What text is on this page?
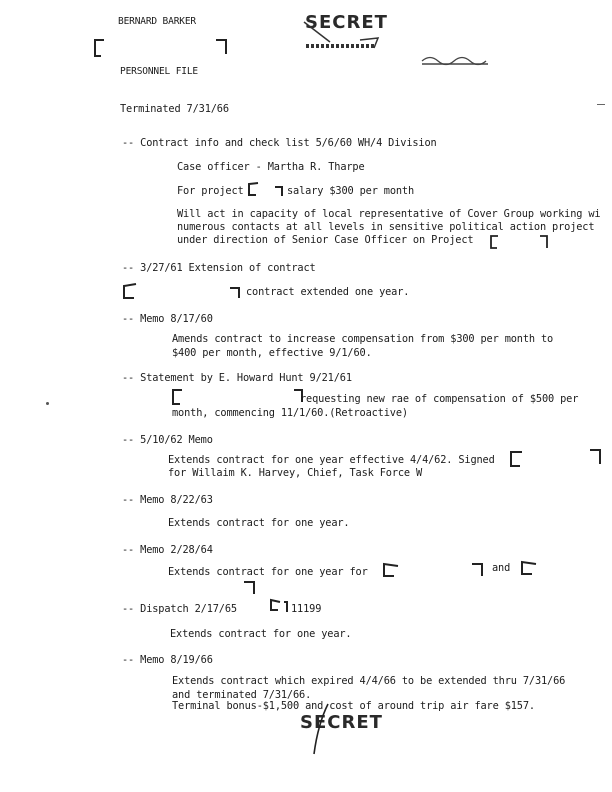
BERNARD BARKER
PERSONNEL FILE
Terminated 7/31/66
SECRET
-- Contract info and check list 5/6/60 WH/4 Division
Case officer - Martha R. Tharpe
For project	salary $300 per month
Will act in capacity of local representative of Cover Group working wi
numerous contacts at all levels in sensitive political action project
under direction of Senior Case Officer on Project
-- 3/27/61 Extension of contract
contract extended one year.
-- Memo 8/17/60
Amends contract to increase compensation from $300 per month to
$400 per month, effective 9/1/60.
-- Statement by E. Howard Hunt 9/21/61
requesting new rae of compensation of $500 per
month, commencing 11/1/60.(Retroactive)
-- 5/10/62 Memo
Extends contract for one year effective 4/4/62. Signed
for Willaim K. Harvey, Chief, Task Force W
-- Memo 8/22/63
Extends contract for one year.
-- Memo 2/28/64
Extends contract for one year for	and
-- Dispatch 2/17/65	11199
Extends contract for one year.
-- Memo 8/19/66
Extends contract which expired 4/4/66 to be extended thru 7/31/66
and terminated 7/31/66.
Terminal bonus-$1,500 and cost of around trip air fare $157.
SECRET
